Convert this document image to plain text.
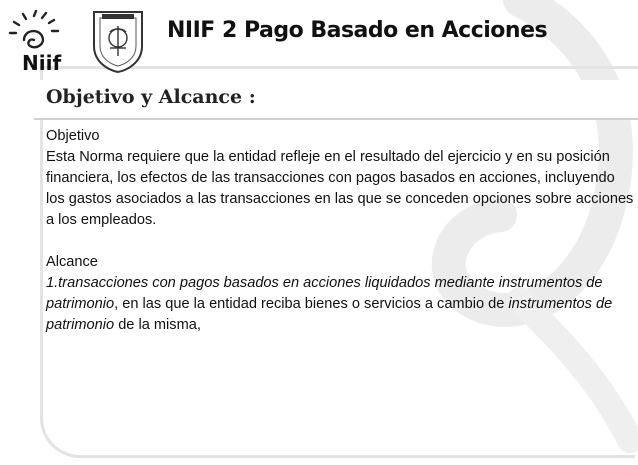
Niif
NIIF 2 Pago Basado en Acciones
Objetivo y Alcance :

Objetivo

Esta Norma requiere que la entidad refleje en el resultado del ejercicio y en su posición financiera, los efectos de las transacciones con pagos basados en acciones, incluyendo los gastos asociados a las transacciones en las que se conceden opciones sobre acciones a los empleados.

Alcance

1.transacciones con pagos basados en acciones liquidados mediante instrumentos de patrimonio, en las que la entidad reciba bienes o servicios a cambio de instrumentos de patrimonio de la misma,
